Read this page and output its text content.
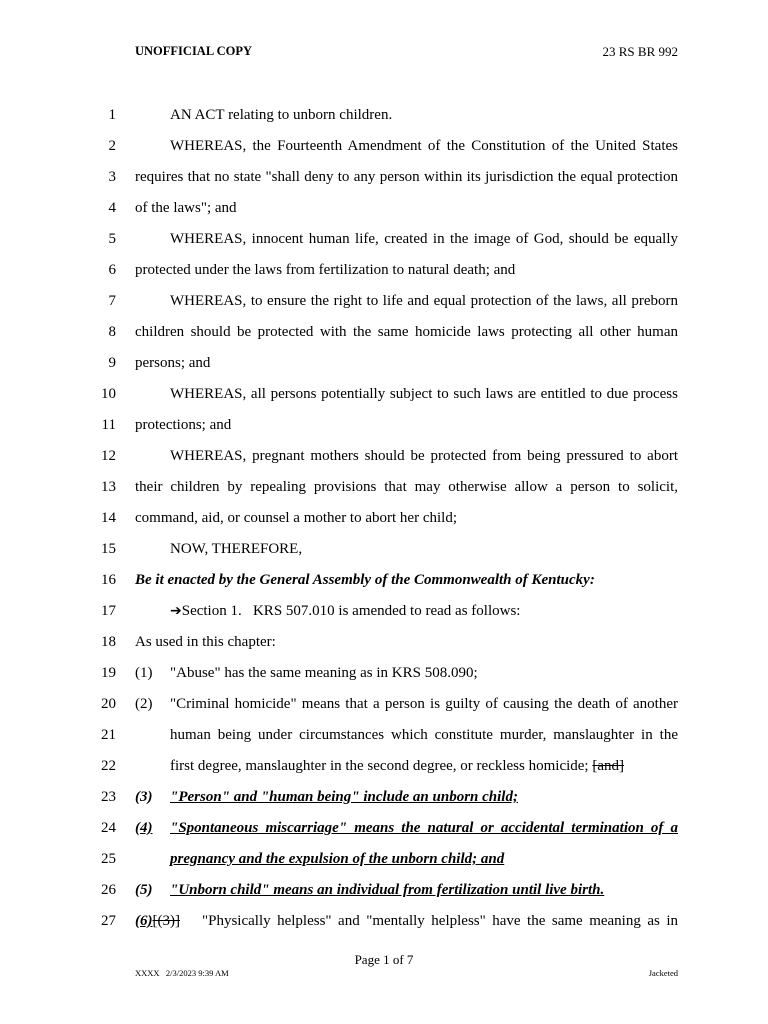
UNOFFICIAL COPY	23 RS BR 992
1	AN ACT relating to unborn children.
2	WHEREAS, the Fourteenth Amendment of the Constitution of the United States
3 requires that no state "shall deny to any person within its jurisdiction the equal protection
4 of the laws"; and
5	WHEREAS, innocent human life, created in the image of God, should be equally
6 protected under the laws from fertilization to natural death; and
7	WHEREAS, to ensure the right to life and equal protection of the laws, all preborn
8 children should be protected with the same homicide laws protecting all other human
9 persons; and
10	WHEREAS, all persons potentially subject to such laws are entitled to due process
11 protections; and
12	WHEREAS, pregnant mothers should be protected from being pressured to abort
13 their children by repealing provisions that may otherwise allow a person to solicit,
14 command, aid, or counsel a mother to abort her child;
15	NOW, THEREFORE,
16 Be it enacted by the General Assembly of the Commonwealth of Kentucky:
17	➔Section 1.   KRS 507.010 is amended to read as follows:
18 As used in this chapter:
19 (1) "Abuse" has the same meaning as in KRS 508.090;
20 (2)	"Criminal homicide" means that a person is guilty of causing the death of another
21	human being under circumstances which constitute murder, manslaughter in the
22	first degree, manslaughter in the second degree, or reckless homicide; [and]
23 (3) "Person" and "human being" include an unborn child;
24 (4)	"Spontaneous miscarriage" means the natural or accidental termination of a
25	pregnancy and the expulsion of the unborn child; and
26 (5) "Unborn child" means an individual from fertilization until live birth.
27 (6) [(3)] "Physically helpless" and "mentally helpless" have the same meaning as in
Page 1 of 7
XXXX   2/3/2023 9:39 AM	Jacketed
